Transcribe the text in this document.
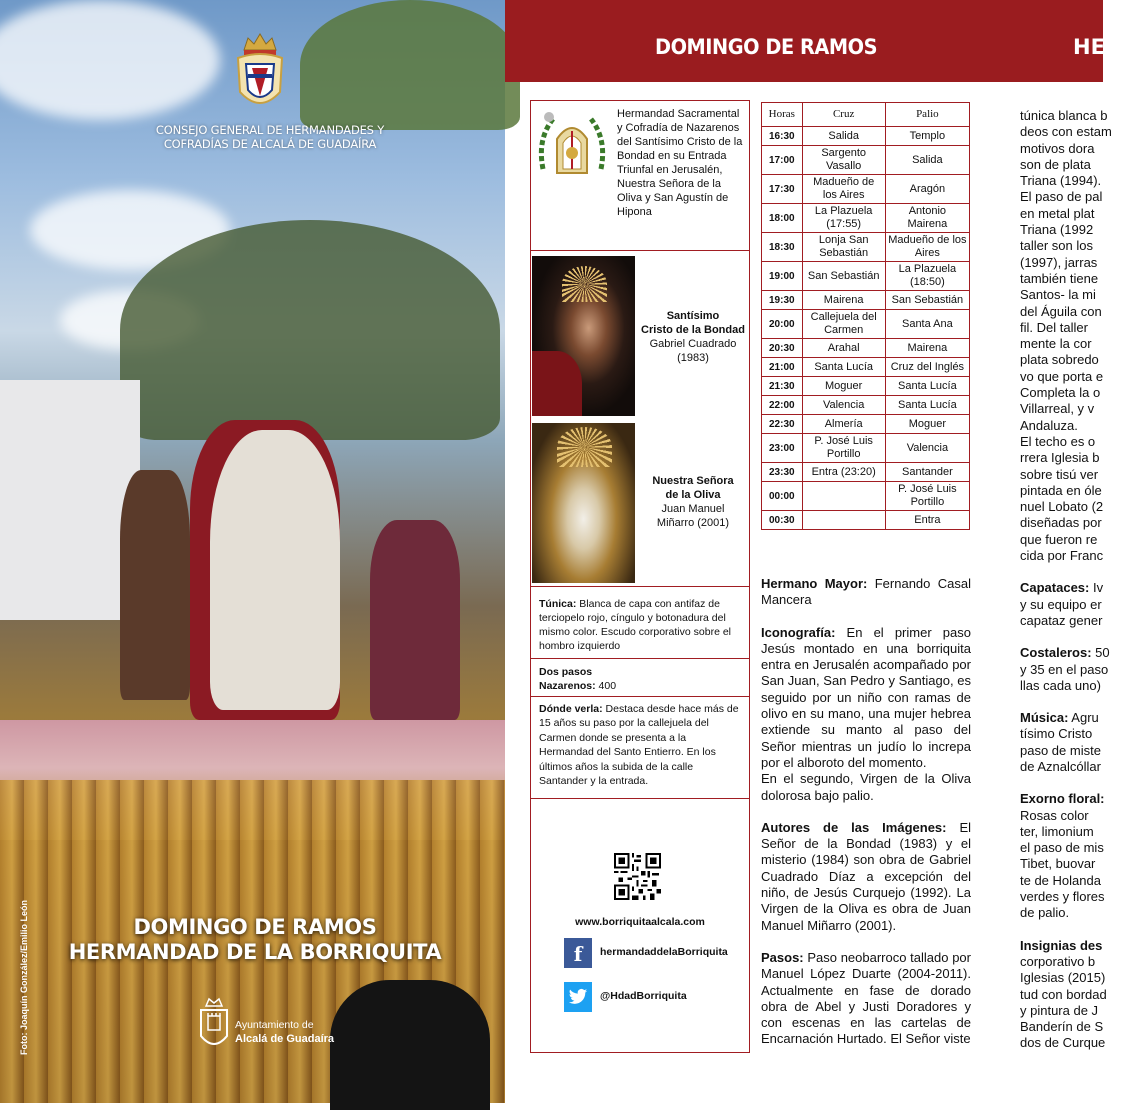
CONSEJO GENERAL DE HERMANDADES Y
COFRADÍAS DE ALCALÁ DE GUADAÍRA
DOMINGO DE RAMOS
HERMANDAD DE LA BORRIQUITA
Foto: Joaquín González/Emilio León	Ayuntamiento de
Alcalá de Guadaíra
DOMINGO DE RAMOS	HER
Hermandad Sacramental y Cofradía de Nazarenos del Santísimo Cristo de la Bondad en su Entrada Triunfal en Jerusalén, Nuestra Señora de la Oliva y San Agustín de Hipona
Santísimo
Cristo de la Bondad
Gabriel Cuadrado
(1983)
Nuestra Señora
de la Oliva
Juan Manuel
Miñarro (2001)
Túnica: Blanca de capa con antifaz de terciopelo rojo, cíngulo y botonadura del mismo color. Escudo corporativo sobre el hombro izquierdo
Dos pasos
Nazarenos: 400
Dónde verla: Destaca desde hace más de 15 años su paso por la callejuela del Carmen donde se presenta a la Hermandad del Santo Entierro. En los últimos años la subida de la calle Santander y la entrada.
www.borriquitaalcala.com
f	hermandaddelaBorriquita
@HdadBorriquita
Horas	Cruz	Palio
16:30	Salida	Templo
17:00	Sargento Vasallo	Salida
17:30	Madueño de los Aires	Aragón
18:00	La Plazuela (17:55)	Antonio Mairena
18:30	Lonja San Sebastián	Madueño de los Aires
19:00	San Sebastián	La Plazuela (18:50)
19:30	Mairena	San Sebastián
20:00	Callejuela del Carmen	Santa Ana
20:30	Arahal	Mairena
21:00	Santa Lucía	Cruz del Inglés
21:30	Moguer	Santa Lucía
22:00	Valencia	Santa Lucía
22:30	Almería	Moguer
23:00	P. José Luis Portillo	Valencia
23:30	Entra (23:20)	Santander
00:00		P. José Luis Portillo
00:30		Entra

Hermano Mayor: Fernando Casal Mancera

Iconografía: En el primer paso Jesús montado en una borriquita entra en Jerusalén acompañado por San Juan, San Pedro y Santiago, es seguido por un niño con ramas de olivo en su mano, una mujer hebrea extiende su manto al paso del Señor mientras un judío lo increpa por el alboroto del momento.

En el segundo, Virgen de la Oliva dolorosa bajo palio.

Autores de las Imágenes: El Señor de la Bondad (1983) y el misterio (1984) son obra de Gabriel Cuadrado Díaz a excepción del niño, de Jesús Curquejo (1992). La Virgen de la Oliva es obra de Juan Manuel Miñarro (2001).

Pasos: Paso neobarroco tallado por Manuel López Duarte (2004-2011). Actualmente en fase de dorado obra de Abel y Justi Doradores y con escenas en las cartelas de Encarnación Hurtado. El Señor viste

túnica blanca b
deos con estam
motivos dora
son de plata
Triana (1994).
El paso de pal
en metal plat
Triana (1992
taller son los
(1997), jarras
también tiene
Santos- la mi
del Águila con
fil. Del taller
mente la cor
plata sobredo
vo que porta e
Completa la o
Villarreal, y v
Andaluza.
El techo es o
rrera Iglesia b
sobre tisú ver
pintada en óle
nuel Lobato (2
diseñadas por
que fueron re
cida por Franc
Capataces: Iv
y su equipo er
capataz gener
Costaleros: 50
y 35 en el paso
llas cada uno)
Música: Agru
tísimo Cristo
paso de miste
de Aznalcóllar
Exorno floral:
Rosas color
ter, limonium
el paso de mis
Tibet, buovar
te de Holanda
verdes y flores
de palio.
Insignias des
corporativo b
Iglesias (2015)
tud con bordad
y pintura de J
Banderín de S
dos de Curque
